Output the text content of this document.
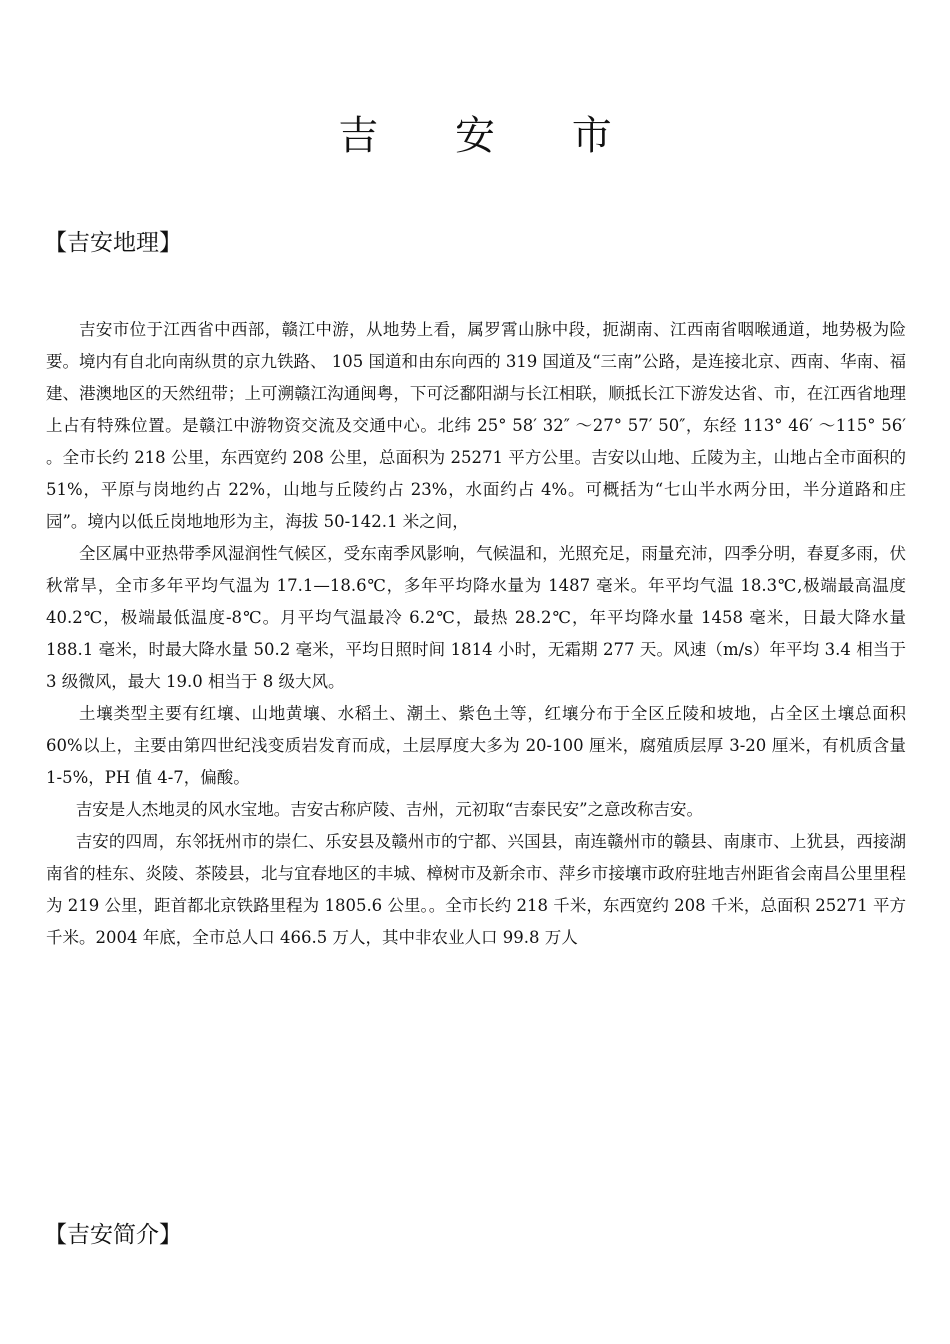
吉 安 市
【吉安地理】

吉安市位于江西省中西部，赣江中游，从地势上看，属罗霄山脉中段，扼湖南、江西南省咽喉通道，地势极为险要。境内有自北向南纵贯的京九铁路、 105 国道和由东向西的 319 国道及“三南”公路，是连接北京、西南、华南、福建、港澳地区的天然纽带；上可溯赣江沟通闽粤，下可泛鄱阳湖与长江相联，顺抵长江下游发达省、市，在江西省地理上占有特殊位置。是赣江中游物资交流及交通中心。北纬 25° 58′ 32″ ～27° 57′ 50″，东经 113° 46′ ～115° 56′ 。全市长约 218 公里，东西宽约 208 公里，总面积为 25271 平方公里。吉安以山地、丘陵为主，山地占全市面积的 51%，平原与岗地约占 22%，山地与丘陵约占 23%，水面约占 4%。可概括为“七山半水两分田，半分道路和庄园”。境内以低丘岗地地形为主，海拔 50-142.1 米之间，

全区属中亚热带季风湿润性气候区，受东南季风影响，气候温和，光照充足，雨量充沛，四季分明，春夏多雨，伏秋常旱，全市多年平均气温为 17.1—18.6℃，多年平均降水量为 1487 毫米。年平均气温 18.3℃,极端最高温度 40.2℃，极端最低温度-8℃。月平均气温最冷 6.2℃，最热 28.2℃，年平均降水量 1458 毫米，日最大降水量 188.1 毫米，时最大降水量 50.2 毫米，平均日照时间 1814 小时，无霜期 277 天。风速（m/s）年平均 3.4 相当于 3 级微风，最大 19.0 相当于 8 级大风。

土壤类型主要有红壤、山地黄壤、水稻土、潮土、紫色土等，红壤分布于全区丘陵和坡地，占全区土壤总面积 60%以上，主要由第四世纪浅变质岩发育而成，土层厚度大多为 20-100 厘米，腐殖质层厚 3-20 厘米，有机质含量 1-5%，PH 值 4-7，偏酸。

吉安是人杰地灵的风水宝地。吉安古称庐陵、吉州，元初取“吉泰民安”之意改称吉安。

吉安的四周，东邻抚州市的崇仁、乐安县及赣州市的宁都、兴国县，南连赣州市的赣县、南康市、上犹县，西接湖南省的桂东、炎陵、茶陵县，北与宜春地区的丰城、樟树市及新余市、萍乡市接壤市政府驻地吉州距省会南昌公里里程为 219 公里，距首都北京铁路里程为 1805.6 公里。。全市长约 218 千米，东西宽约 208 千米，总面积 25271 平方千米。2004 年底，全市总人口 466.5 万人，其中非农业人口 99.8 万人

【吉安简介】
